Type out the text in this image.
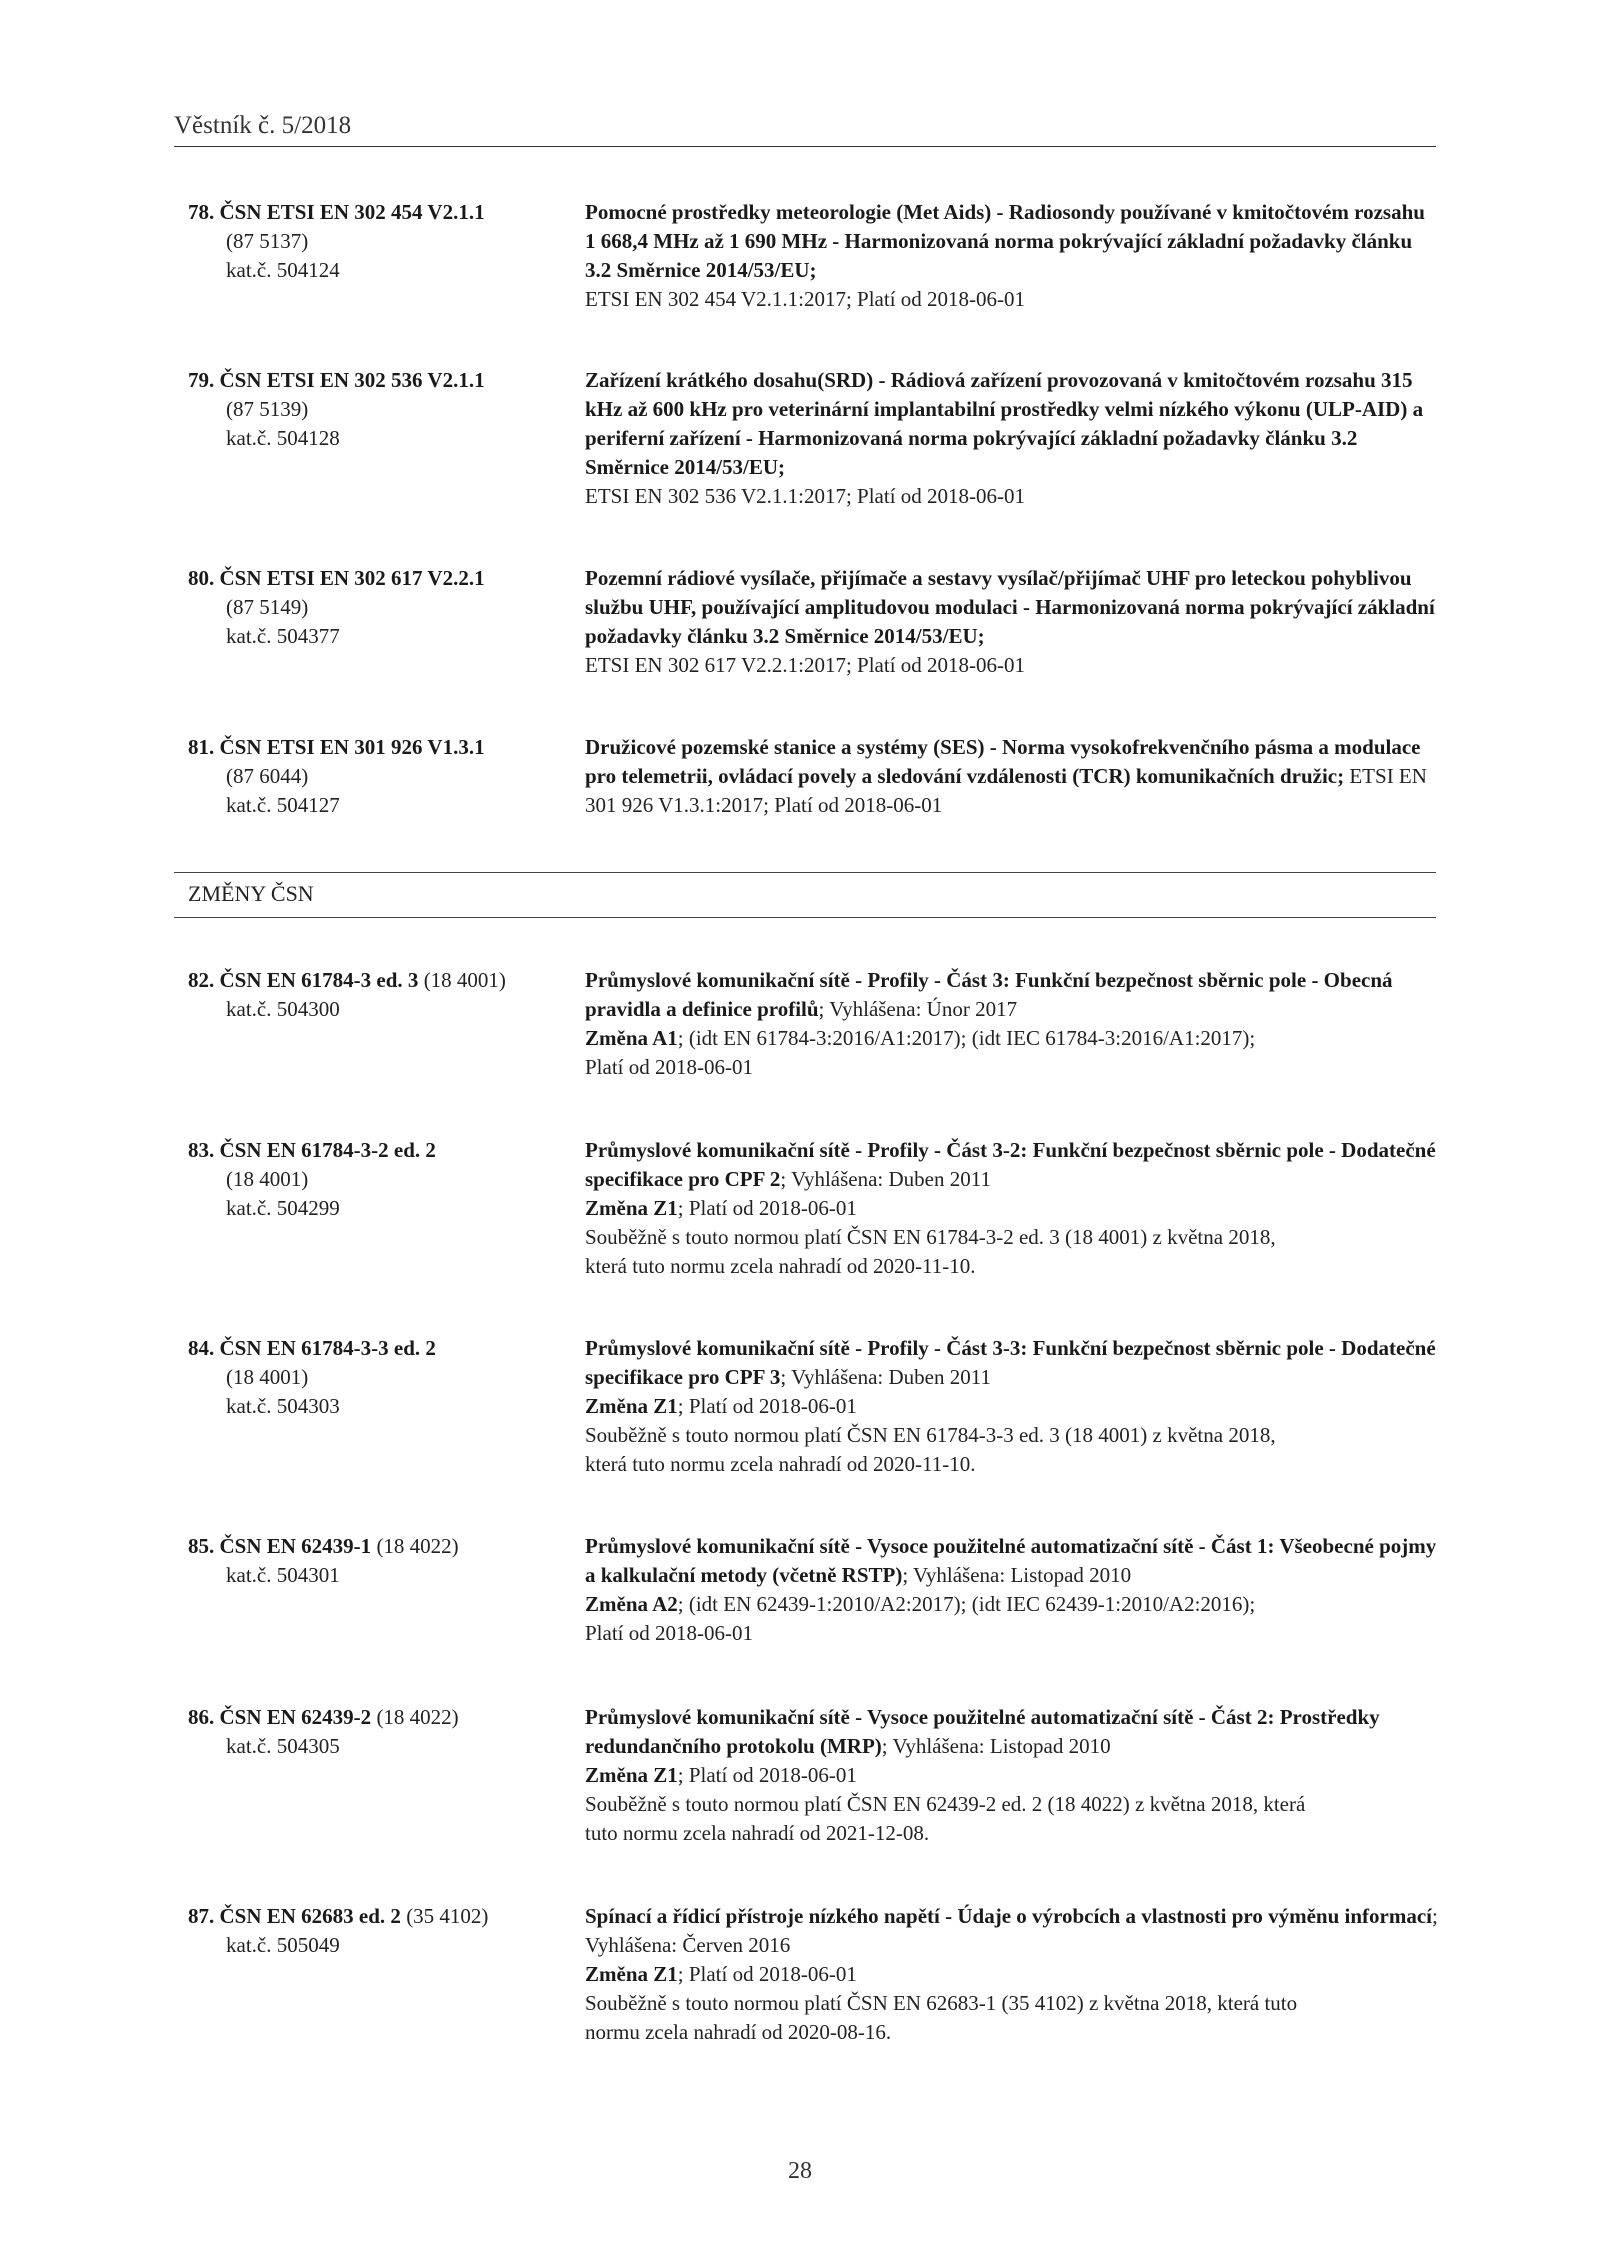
Věstník č. 5/2018
78. ČSN ETSI EN 302 454 V2.1.1
(87 5137)
kat.č. 504124
Pomocné prostředky meteorologie (Met Aids) - Radiosondy používané v kmitočtovém rozsahu 1 668,4 MHz až 1 690 MHz - Harmonizovaná norma pokrývající základní požadavky článku 3.2 Směrnice 2014/53/EU;
ETSI EN 302 454 V2.1.1:2017; Platí od 2018-06-01
79. ČSN ETSI EN 302 536 V2.1.1
(87 5139)
kat.č. 504128
Zařízení krátkého dosahu(SRD) - Rádiová zařízení provozovaná v kmitočtovém rozsahu 315 kHz až 600 kHz pro veterinární implantabilní prostředky velmi nízkého výkonu (ULP-AID) a periferní zařízení - Harmonizovaná norma pokrývající základní požadavky článku 3.2 Směrnice 2014/53/EU;
ETSI EN 302 536 V2.1.1:2017; Platí od 2018-06-01
80. ČSN ETSI EN 302 617 V2.2.1
(87 5149)
kat.č. 504377
Pozemní rádiové vysílače, přijímače a sestavy vysílač/přijímač UHF pro leteckou pohyblivou službu UHF, používající amplitudovou modulaci - Harmonizovaná norma pokrývající základní požadavky článku 3.2 Směrnice 2014/53/EU;
ETSI EN 302 617 V2.2.1:2017; Platí od 2018-06-01
81. ČSN ETSI EN 301 926 V1.3.1
(87 6044)
kat.č. 504127
Družicové pozemské stanice a systémy (SES) - Norma vysokofrekvenčního pásma a modulace pro telemetrii, ovládací povely a sledování vzdálenosti (TCR) komunikačních družic; ETSI EN 301 926 V1.3.1:2017; Platí od 2018-06-01
ZMĚNY ČSN
82. ČSN EN 61784-3 ed. 3 (18 4001)
kat.č. 504300
Průmyslové komunikační sítě - Profily - Část 3: Funkční bezpečnost sběrnic pole - Obecná pravidla a definice profilů; Vyhlášena: Únor 2017
Změna A1; (idt EN 61784-3:2016/A1:2017); (idt IEC 61784-3:2016/A1:2017);
Platí od 2018-06-01
83. ČSN EN 61784-3-2 ed. 2
(18 4001)
kat.č. 504299
Průmyslové komunikační sítě - Profily - Část 3-2: Funkční bezpečnost sběrnic pole - Dodatečné specifikace pro CPF 2; Vyhlášena: Duben 2011
Změna Z1; Platí od 2018-06-01
Souběžně s touto normou platí ČSN EN 61784-3-2 ed. 3 (18 4001) z května 2018,
která tuto normu zcela nahradí od 2020-11-10.
84. ČSN EN 61784-3-3 ed. 2
(18 4001)
kat.č. 504303
Průmyslové komunikační sítě - Profily - Část 3-3: Funkční bezpečnost sběrnic pole - Dodatečné specifikace pro CPF 3; Vyhlášena: Duben 2011
Změna Z1; Platí od 2018-06-01
Souběžně s touto normou platí ČSN EN 61784-3-3 ed. 3 (18 4001) z května 2018,
která tuto normu zcela nahradí od 2020-11-10.
85. ČSN EN 62439-1 (18 4022)
kat.č. 504301
Průmyslové komunikační sítě - Vysoce použitelné automatizační sítě - Část 1: Všeobecné pojmy a kalkulační metody (včetně RSTP); Vyhlášena: Listopad 2010
Změna A2; (idt EN 62439-1:2010/A2:2017); (idt IEC 62439-1:2010/A2:2016);
Platí od 2018-06-01
86. ČSN EN 62439-2 (18 4022)
kat.č. 504305
Průmyslové komunikační sítě - Vysoce použitelné automatizační sítě - Část 2: Prostředky redundančního protokolu (MRP); Vyhlášena: Listopad 2010
Změna Z1; Platí od 2018-06-01
Souběžně s touto normou platí ČSN EN 62439-2 ed. 2 (18 4022) z května 2018, která
tuto normu zcela nahradí od 2021-12-08.
87. ČSN EN 62683 ed. 2 (35 4102)
kat.č. 505049
Spínací a řídicí přístroje nízkého napětí - Údaje o výrobcích a vlastnosti pro výměnu informací; Vyhlášena: Červen 2016
Změna Z1; Platí od 2018-06-01
Souběžně s touto normou platí ČSN EN 62683-1 (35 4102) z května 2018, která tuto
normu zcela nahradí od 2020-08-16.
28
